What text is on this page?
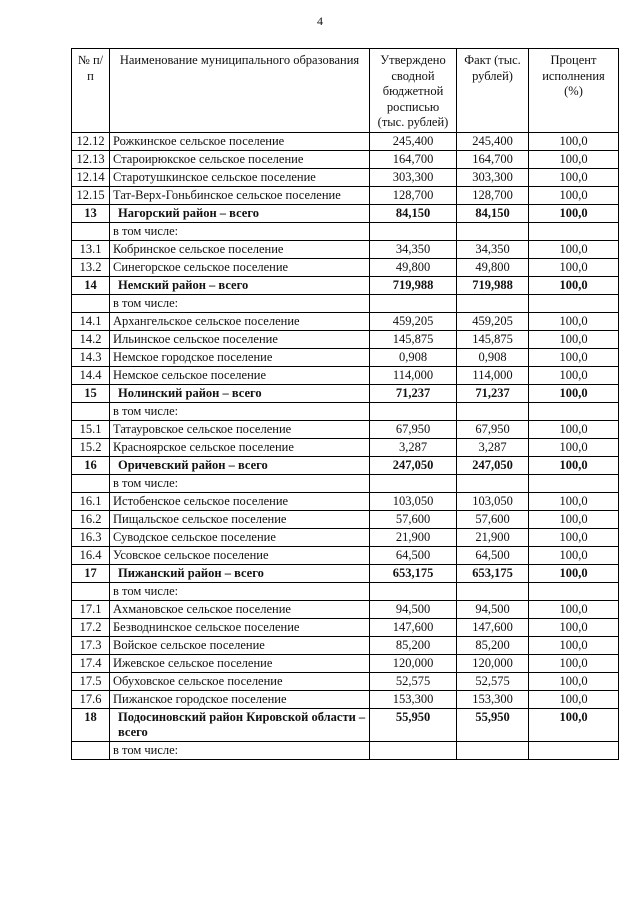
4
№ п/п	Наименование муниципального образования	Утверждено сводной бюджетной росписью (тыс. рублей)	Факт (тыс. рублей)	Процент исполнения (%)
12.12	Рожкинское сельское поселение	245,400	245,400	100,0
12.13	Староирюкское сельское поселение	164,700	164,700	100,0
12.14	Старотушкинское сельское поселение	303,300	303,300	100,0
12.15	Тат-Верх-Гоньбинское сельское поселение	128,700	128,700	100,0
13	Нагорский район – всего	84,150	84,150	100,0
	в том числе:			
13.1	Кобринское сельское поселение	34,350	34,350	100,0
13.2	Синегорское сельское поселение	49,800	49,800	100,0
14	Немский район – всего	719,988	719,988	100,0
	в том числе:			
14.1	Архангельское сельское поселение	459,205	459,205	100,0
14.2	Ильинское сельское поселение	145,875	145,875	100,0
14.3	Немское городское поселение	0,908	0,908	100,0
14.4	Немское сельское поселение	114,000	114,000	100,0
15	Нолинский район – всего	71,237	71,237	100,0
	в том числе:			
15.1	Татауровское сельское поселение	67,950	67,950	100,0
15.2	Красноярское сельское поселение	3,287	3,287	100,0
16	Оричевский район – всего	247,050	247,050	100,0
	в том числе:			
16.1	Истобенское сельское поселение	103,050	103,050	100,0
16.2	Пищальское сельское поселение	57,600	57,600	100,0
16.3	Суводское сельское поселение	21,900	21,900	100,0
16.4	Усовское сельское поселение	64,500	64,500	100,0
17	Пижанский район – всего	653,175	653,175	100,0
	в том числе:			
17.1	Ахмановское сельское поселение	94,500	94,500	100,0
17.2	Безводнинское сельское поселение	147,600	147,600	100,0
17.3	Войское сельское поселение	85,200	85,200	100,0
17.4	Ижевское сельское поселение	120,000	120,000	100,0
17.5	Обуховское сельское поселение	52,575	52,575	100,0
17.6	Пижанское городское поселение	153,300	153,300	100,0
18	Подосиновский район Кировской области – всего	55,950	55,950	100,0
	в том числе:			
